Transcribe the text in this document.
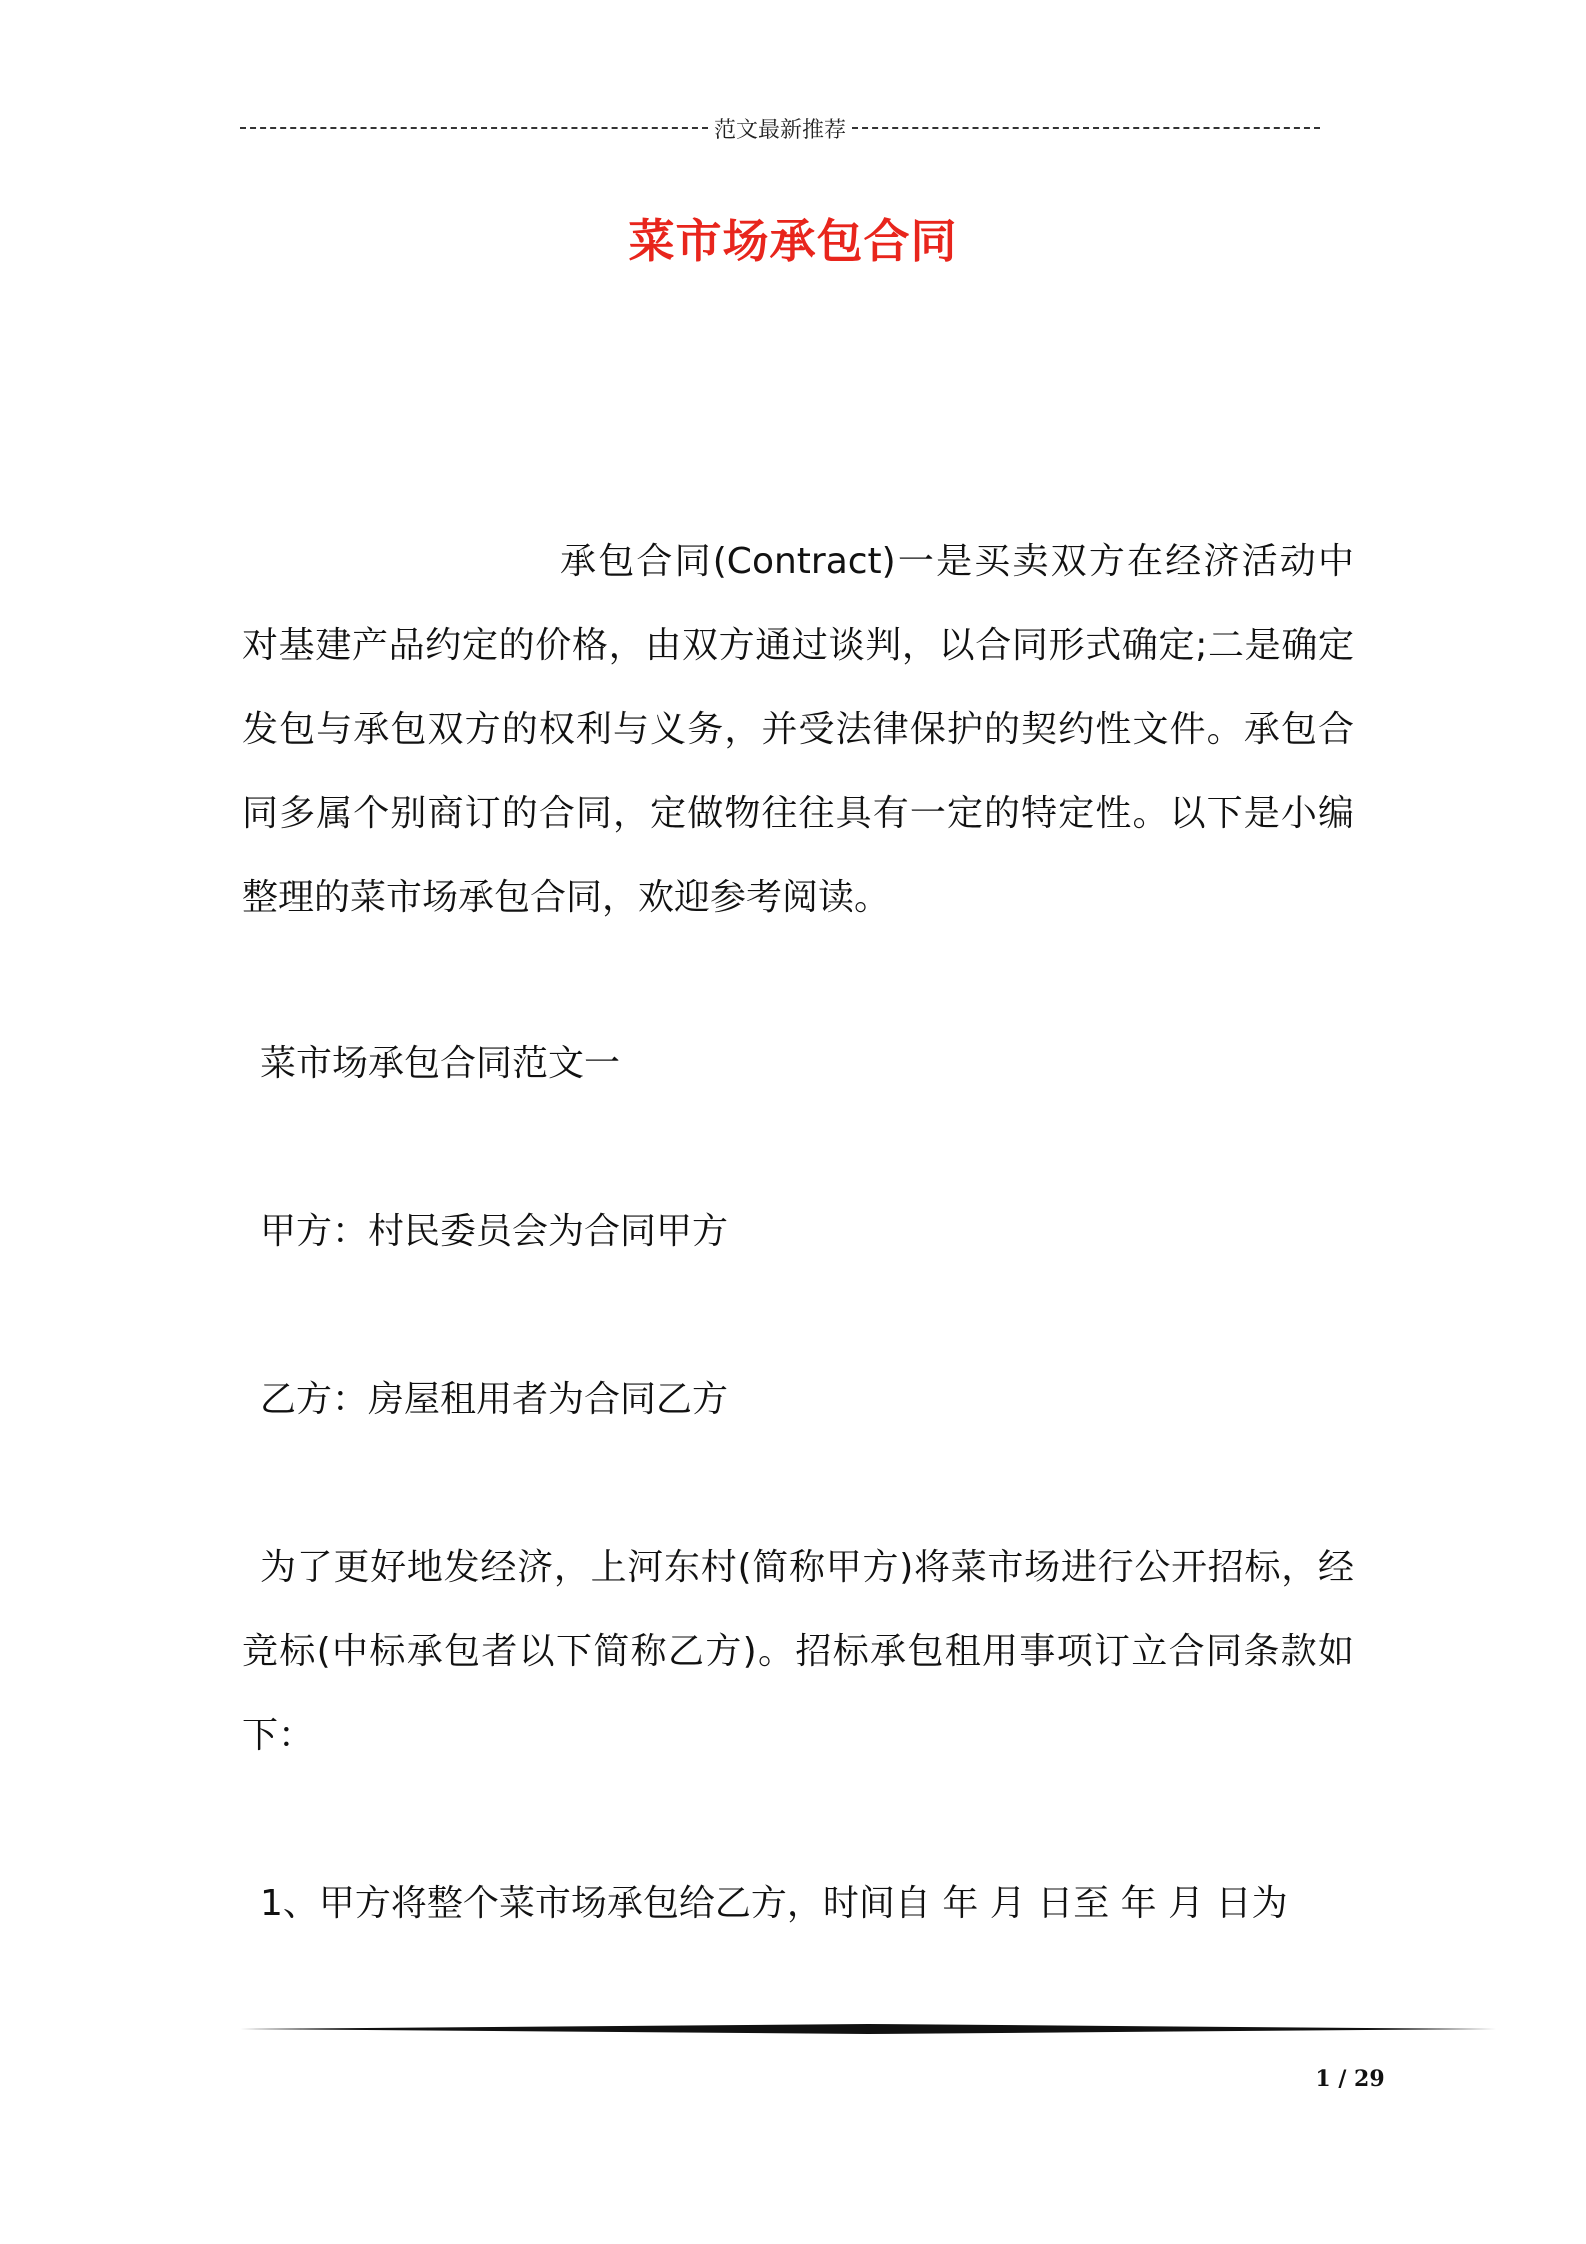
范文最新推荐
菜市场承包合同

承包合同(Contract)一是买卖双方在经济活动中对基建产品约定的价格，由双方通过谈判，以合同形式确定;二是确定发包与承包双方的权利与义务，并受法律保护的契约性文件。承包合同多属个别商订的合同，定做物往往具有一定的特定性。以下是小编整理的菜市场承包合同，欢迎参考阅读。

菜市场承包合同范文一

甲方：村民委员会为合同甲方

乙方：房屋租用者为合同乙方

为了更好地发经济，上河东村(简称甲方)将菜市场进行公开招标，经竞标(中标承包者以下简称乙方)。招标承包租用事项订立合同条款如下：

1、甲方将整个菜市场承包给乙方，时间自 年 月 日至 年 月 日为

1 / 29
